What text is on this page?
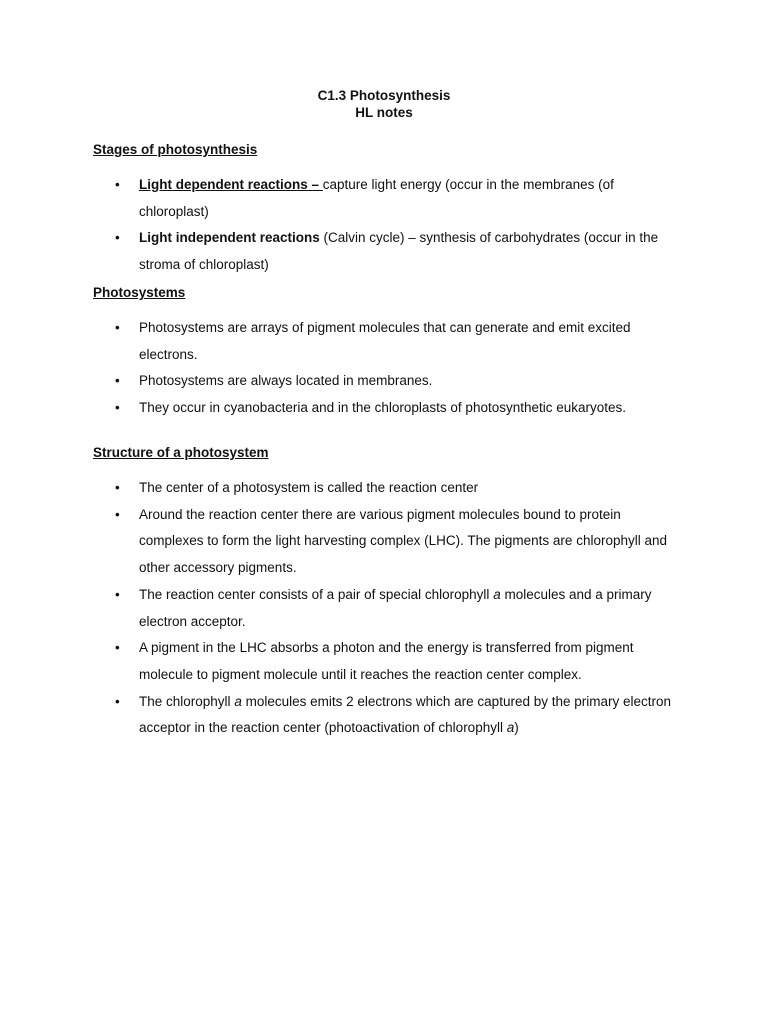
C1.3 Photosynthesis
HL notes
Stages of photosynthesis
• Light dependent reactions – capture light energy (occur in the membranes (of chloroplast)
• Light independent reactions (Calvin cycle) – synthesis of carbohydrates (occur in the stroma of chloroplast)
Photosystems
• Photosystems are arrays of pigment molecules that can generate and emit excited electrons.
• Photosystems are always located in membranes.
• They occur in cyanobacteria and in the chloroplasts of photosynthetic eukaryotes.
Structure of a photosystem
• The center of a photosystem is called the reaction center
• Around the reaction center there are various pigment molecules bound to protein complexes to form the light harvesting complex (LHC). The pigments are chlorophyll and other accessory pigments.
• The reaction center consists of a pair of special chlorophyll a molecules and a primary electron acceptor.
• A pigment in the LHC absorbs a photon and the energy is transferred from pigment molecule to pigment molecule until it reaches the reaction center complex.
• The chlorophyll a molecules emits 2 electrons which are captured by the primary electron acceptor in the reaction center (photoactivation of chlorophyll a)
